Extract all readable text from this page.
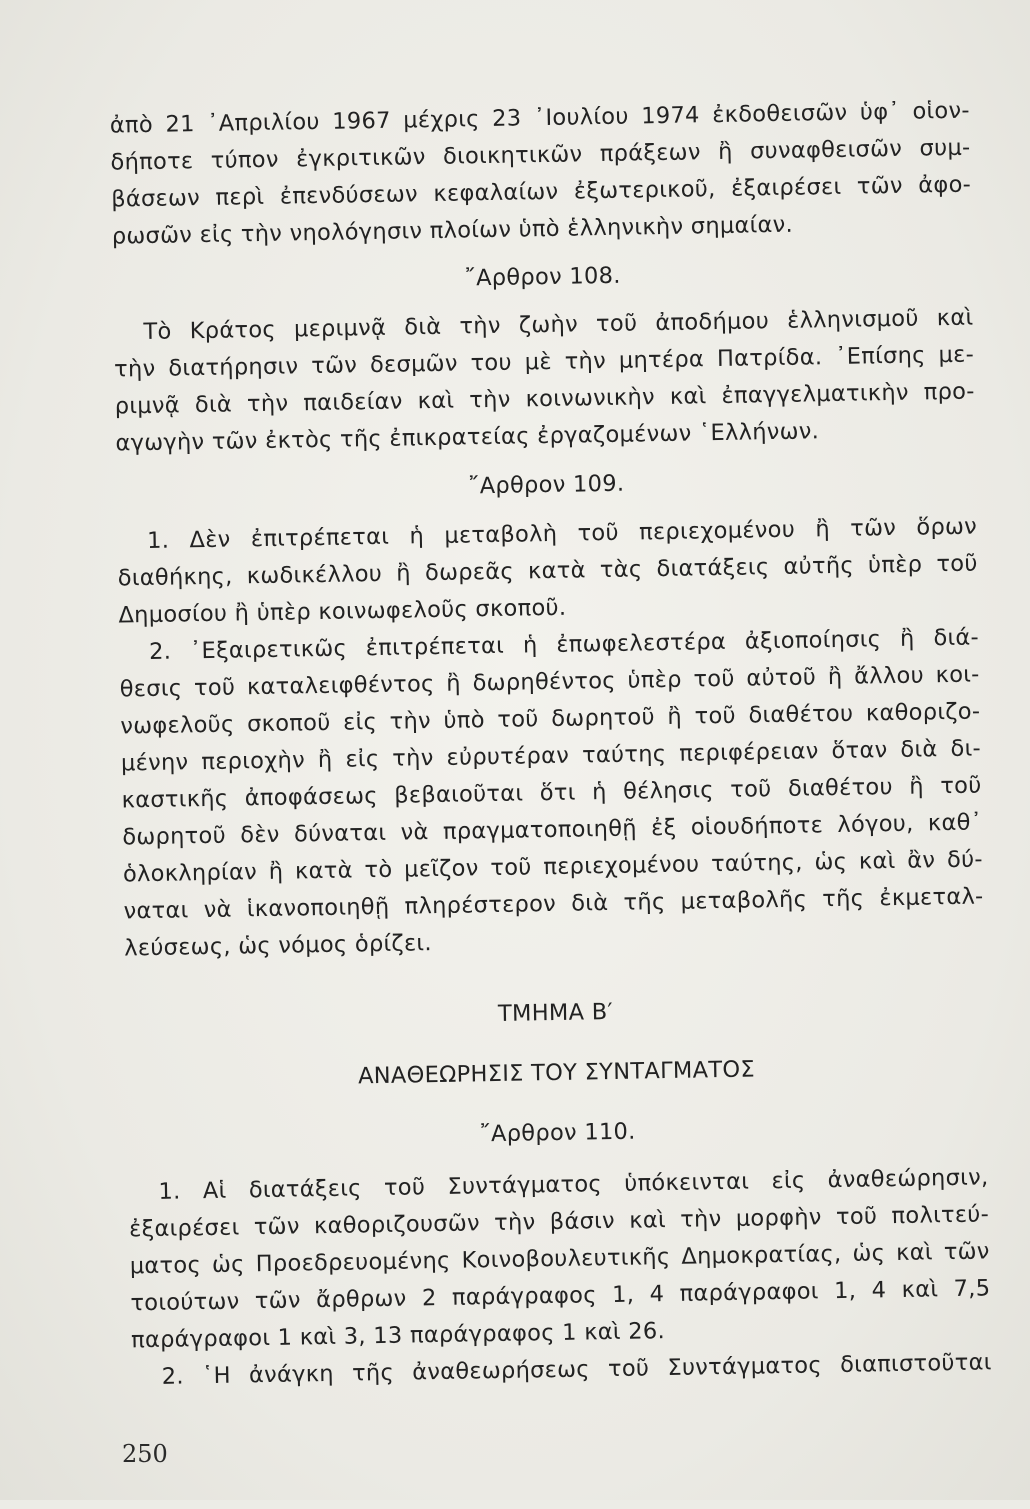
ἀπὸ 21 ᾿Απριλίου 1967 μέχρις 23 ᾿Ιουλίου 1974 ἐκδοθεισῶν ὑφ᾿ οἱον-
δήποτε τύπον ἐγκριτικῶν διοικητικῶν πράξεων ἢ συναφθεισῶν συμ-
βάσεων περὶ ἐπενδύσεων κεφαλαίων ἐξωτερικοῦ, ἐξαιρέσει τῶν ἀφο-
ρωσῶν εἰς τὴν νηολόγησιν πλοίων ὑπὸ ἑλληνικὴν σημαίαν.
῎Αρθρον 108.
Τὸ Κράτος μεριμνᾷ διὰ τὴν ζωὴν τοῦ ἀποδήμου ἑλληνισμοῦ καὶ
τὴν διατήρησιν τῶν δεσμῶν του μὲ τὴν μητέρα Πατρίδα. ᾿Επίσης με-
ριμνᾷ διὰ τὴν παιδείαν καὶ τὴν κοινωνικὴν καὶ ἐπαγγελματικὴν προ-
αγωγὴν τῶν ἐκτὸς τῆς ἐπικρατείας ἐργαζομένων ῾Ελλήνων.
῎Αρθρον 109.
1. Δὲν ἐπιτρέπεται ἡ μεταβολὴ τοῦ περιεχομένου ἢ τῶν ὅρων
διαθήκης, κωδικέλλου ἢ δωρεᾶς κατὰ τὰς διατάξεις αὐτῆς ὑπὲρ τοῦ
Δημοσίου ἢ ὑπὲρ κοινωφελοῦς σκοποῦ.
2. ᾿Εξαιρετικῶς ἐπιτρέπεται ἡ ἐπωφελεστέρα ἀξιοποίησις ἢ διά-
θεσις τοῦ καταλειφθέντος ἢ δωρηθέντος ὑπὲρ τοῦ αὐτοῦ ἢ ἄλλου κοι-
νωφελοῦς σκοποῦ εἰς τὴν ὑπὸ τοῦ δωρητοῦ ἢ τοῦ διαθέτου καθοριζο-
μένην περιοχὴν ἢ εἰς τὴν εὐρυτέραν ταύτης περιφέρειαν ὅταν διὰ δι-
καστικῆς ἀποφάσεως βεβαιοῦται ὅτι ἡ θέλησις τοῦ διαθέτου ἢ τοῦ
δωρητοῦ δὲν δύναται νὰ πραγματοποιηθῇ ἐξ οἱουδήποτε λόγου, καθ᾿
ὁλοκληρίαν ἢ κατὰ τὸ μεῖζον τοῦ περιεχομένου ταύτης, ὡς καὶ ἂν δύ-
ναται νὰ ἱκανοποιηθῇ πληρέστερον διὰ τῆς μεταβολῆς τῆς ἐκμεταλ-
λεύσεως, ὡς νόμος ὁρίζει.
ΤΜΗΜΑ Β′
ΑΝΑΘΕΩΡΗΣΙΣ ΤΟΥ ΣΥΝΤΑΓΜΑΤΟΣ
῎Αρθρον 110.
1. Αἱ διατάξεις τοῦ Συντάγματος ὑπόκεινται εἰς ἀναθεώρησιν,
ἐξαιρέσει τῶν καθοριζουσῶν τὴν βάσιν καὶ τὴν μορφὴν τοῦ πολιτεύ-
ματος ὡς Προεδρευομένης Κοινοβουλευτικῆς Δημοκρατίας, ὡς καὶ τῶν
τοιούτων τῶν ἄρθρων 2 παράγραφος 1, 4 παράγραφοι 1, 4 καὶ 7,5
παράγραφοι 1 καὶ 3, 13 παράγραφος 1 καὶ 26.
2. ῾Η ἀνάγκη τῆς ἀναθεωρήσεως τοῦ Συντάγματος διαπιστοῦται
250
